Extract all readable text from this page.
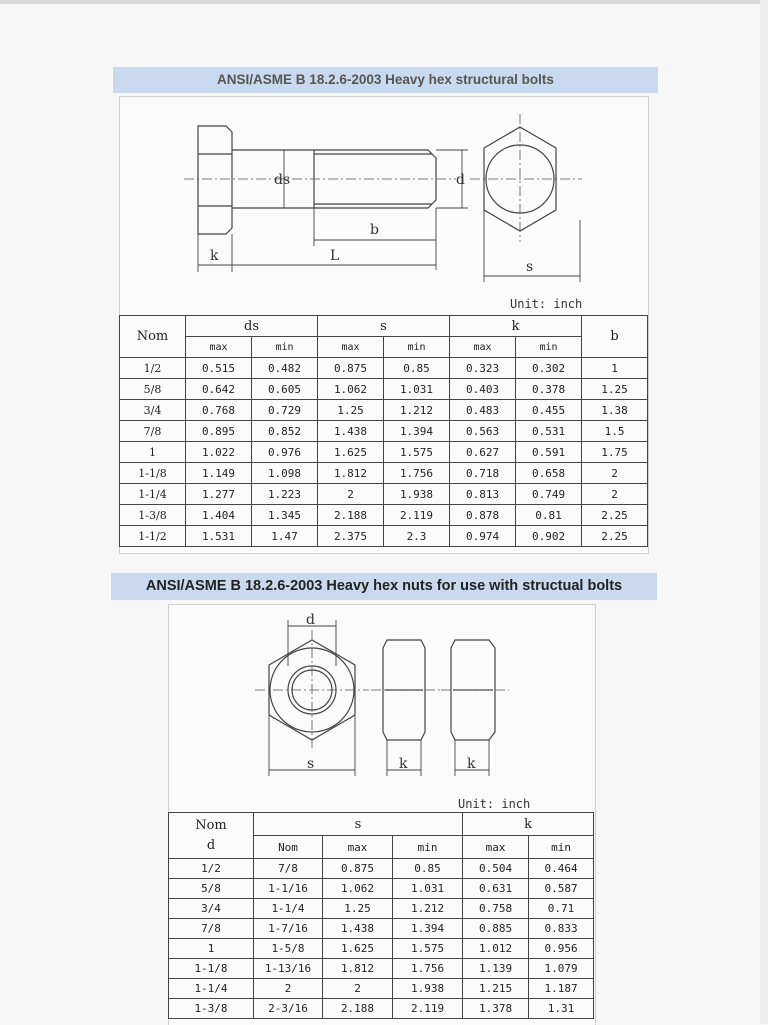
ANSI/ASME B 18.2.6-2003 Heavy hex structural bolts
ds	d
b
k	L
s
Unit: inch
Nom	ds		s		k		b
	max	min	max	min	max	min	
1/2	0.515	0.482	0.875	0.85	0.323	0.302	1
5/8	0.642	0.605	1.062	1.031	0.403	0.378	1.25
3/4	0.768	0.729	1.25	1.212	0.483	0.455	1.38
7/8	0.895	0.852	1.438	1.394	0.563	0.531	1.5
1	1.022	0.976	1.625	1.575	0.627	0.591	1.75
1-1/8	1.149	1.098	1.812	1.756	0.718	0.658	2
1-1/4	1.277	1.223	2	1.938	0.813	0.749	2
1-3/8	1.404	1.345	2.188	2.119	0.878	0.81	2.25
1-1/2	1.531	1.47	2.375	2.3	0.974	0.902	2.25
ANSI/ASME B 18.2.6-2003 Heavy hex nuts for use with structual bolts
d
s	k	k
Unit: inch
Nom
d	s			k	
	Nom	max	min	max	min
1/2	7/8	0.875	0.85	0.504	0.464
5/8	1-1/16	1.062	1.031	0.631	0.587
3/4	1-1/4	1.25	1.212	0.758	0.71
7/8	1-7/16	1.438	1.394	0.885	0.833
1	1-5/8	1.625	1.575	1.012	0.956
1-1/8	1-13/16	1.812	1.756	1.139	1.079
1-1/4	2	2	1.938	1.215	1.187
1-3/8	2-3/16	2.188	2.119	1.378	1.31
